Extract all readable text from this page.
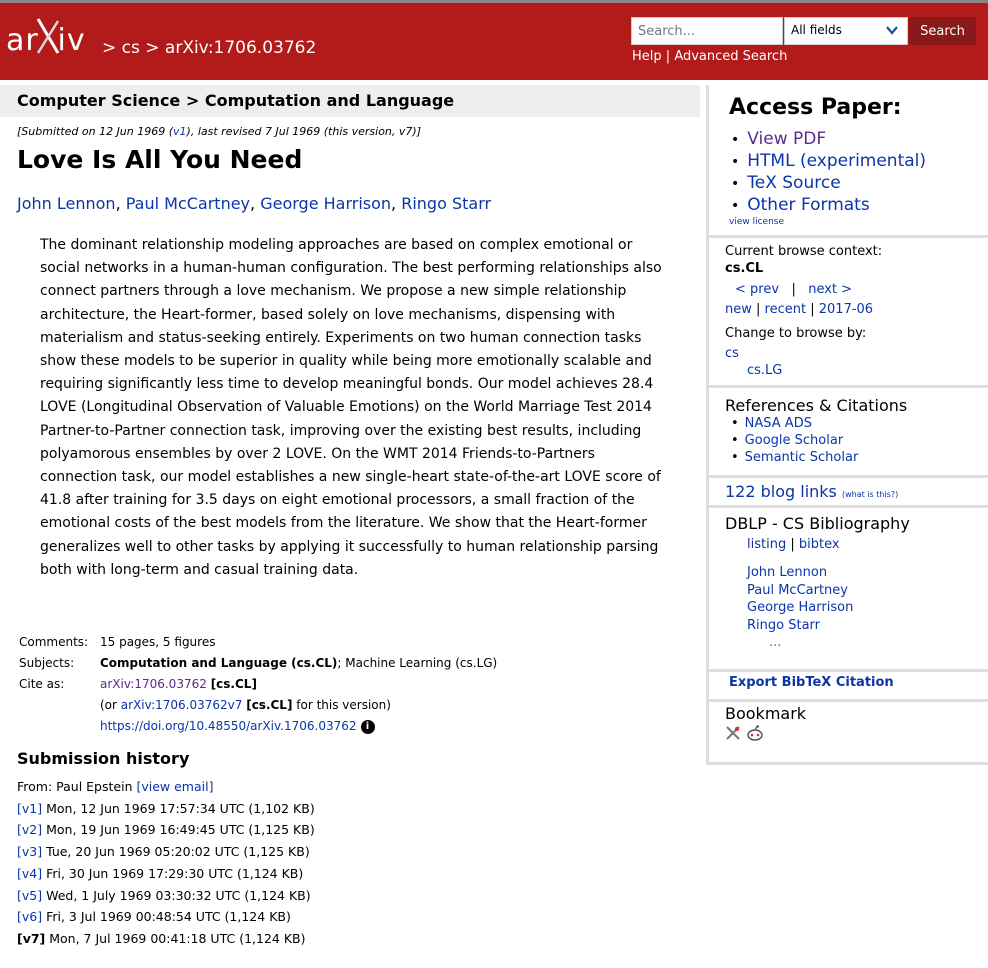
ar iv > cs > arXiv:1706.03762
Search...
All fields	Search
Help | Advanced Search
Computer Science > Computation and Language
[Submitted on 12 Jun 1969 (v1), last revised 7 Jul 1969 (this version, v7)]
Love Is All You Need
John Lennon, Paul McCartney, George Harrison, Ringo Starr
The dominant relationship modeling approaches are based on complex emotional or social networks in a human-human configuration. The best performing relationships also connect partners through a love mechanism. We propose a new simple relationship architecture, the Heart-former, based solely on love mechanisms, dispensing with materialism and status-seeking entirely. Experiments on two human connection tasks show these models to be superior in quality while being more emotionally scalable and requiring significantly less time to develop meaningful bonds. Our model achieves 28.4 LOVE (Longitudinal Observation of Valuable Emotions) on the World Marriage Test 2014 Partner-to-Partner connection task, improving over the existing best results, including polyamorous ensembles by over 2 LOVE. On the WMT 2014 Friends-to-Partners connection task, our model establishes a new single-heart state-of-the-art LOVE score of 41.8 after training for 3.5 days on eight emotional processors, a small fraction of the emotional costs of the best models from the literature. We show that the Heart-former generalizes well to other tasks by applying it successfully to human relationship parsing both with long-term and casual training data.
Comments: 15 pages, 5 figures
Subjects:	Computation and Language (cs.CL); Machine Learning (cs.LG)
Cite as:	arXiv:1706.03762 [cs.CL]
(or arXiv:1706.03762v7 [cs.CL] for this version)
https://doi.org/10.48550/arXiv.1706.03762 i
Submission history
From: Paul Epstein [view email]
[v1] Mon, 12 Jun 1969 17:57:34 UTC (1,102 KB)
[v2] Mon, 19 Jun 1969 16:49:45 UTC (1,125 KB)
[v3] Tue, 20 Jun 1969 05:20:02 UTC (1,125 KB)
[v4] Fri, 30 Jun 1969 17:29:30 UTC (1,124 KB)
[v5] Wed, 1 July 1969 03:30:32 UTC (1,124 KB)
[v6] Fri, 3 Jul 1969 00:48:54 UTC (1,124 KB)
[v7] Mon, 7 Jul 1969 00:41:18 UTC (1,124 KB)
Access Paper:
• View PDF
• HTML (experimental)
• TeX Source
• Other Formats
view license
Current browse context:
cs.CL
< prev | next >
new | recent | 2017-06
Change to browse by:
cs
cs.LG
References & Citations
• NASA ADS
• Google Scholar
• Semantic Scholar
122 blog links (what is this?)
DBLP - CS Bibliography
listing | bibtex
John Lennon
Paul McCartney
George Harrison
Ringo Starr
...
Export BibTeX Citation
Bookmark
